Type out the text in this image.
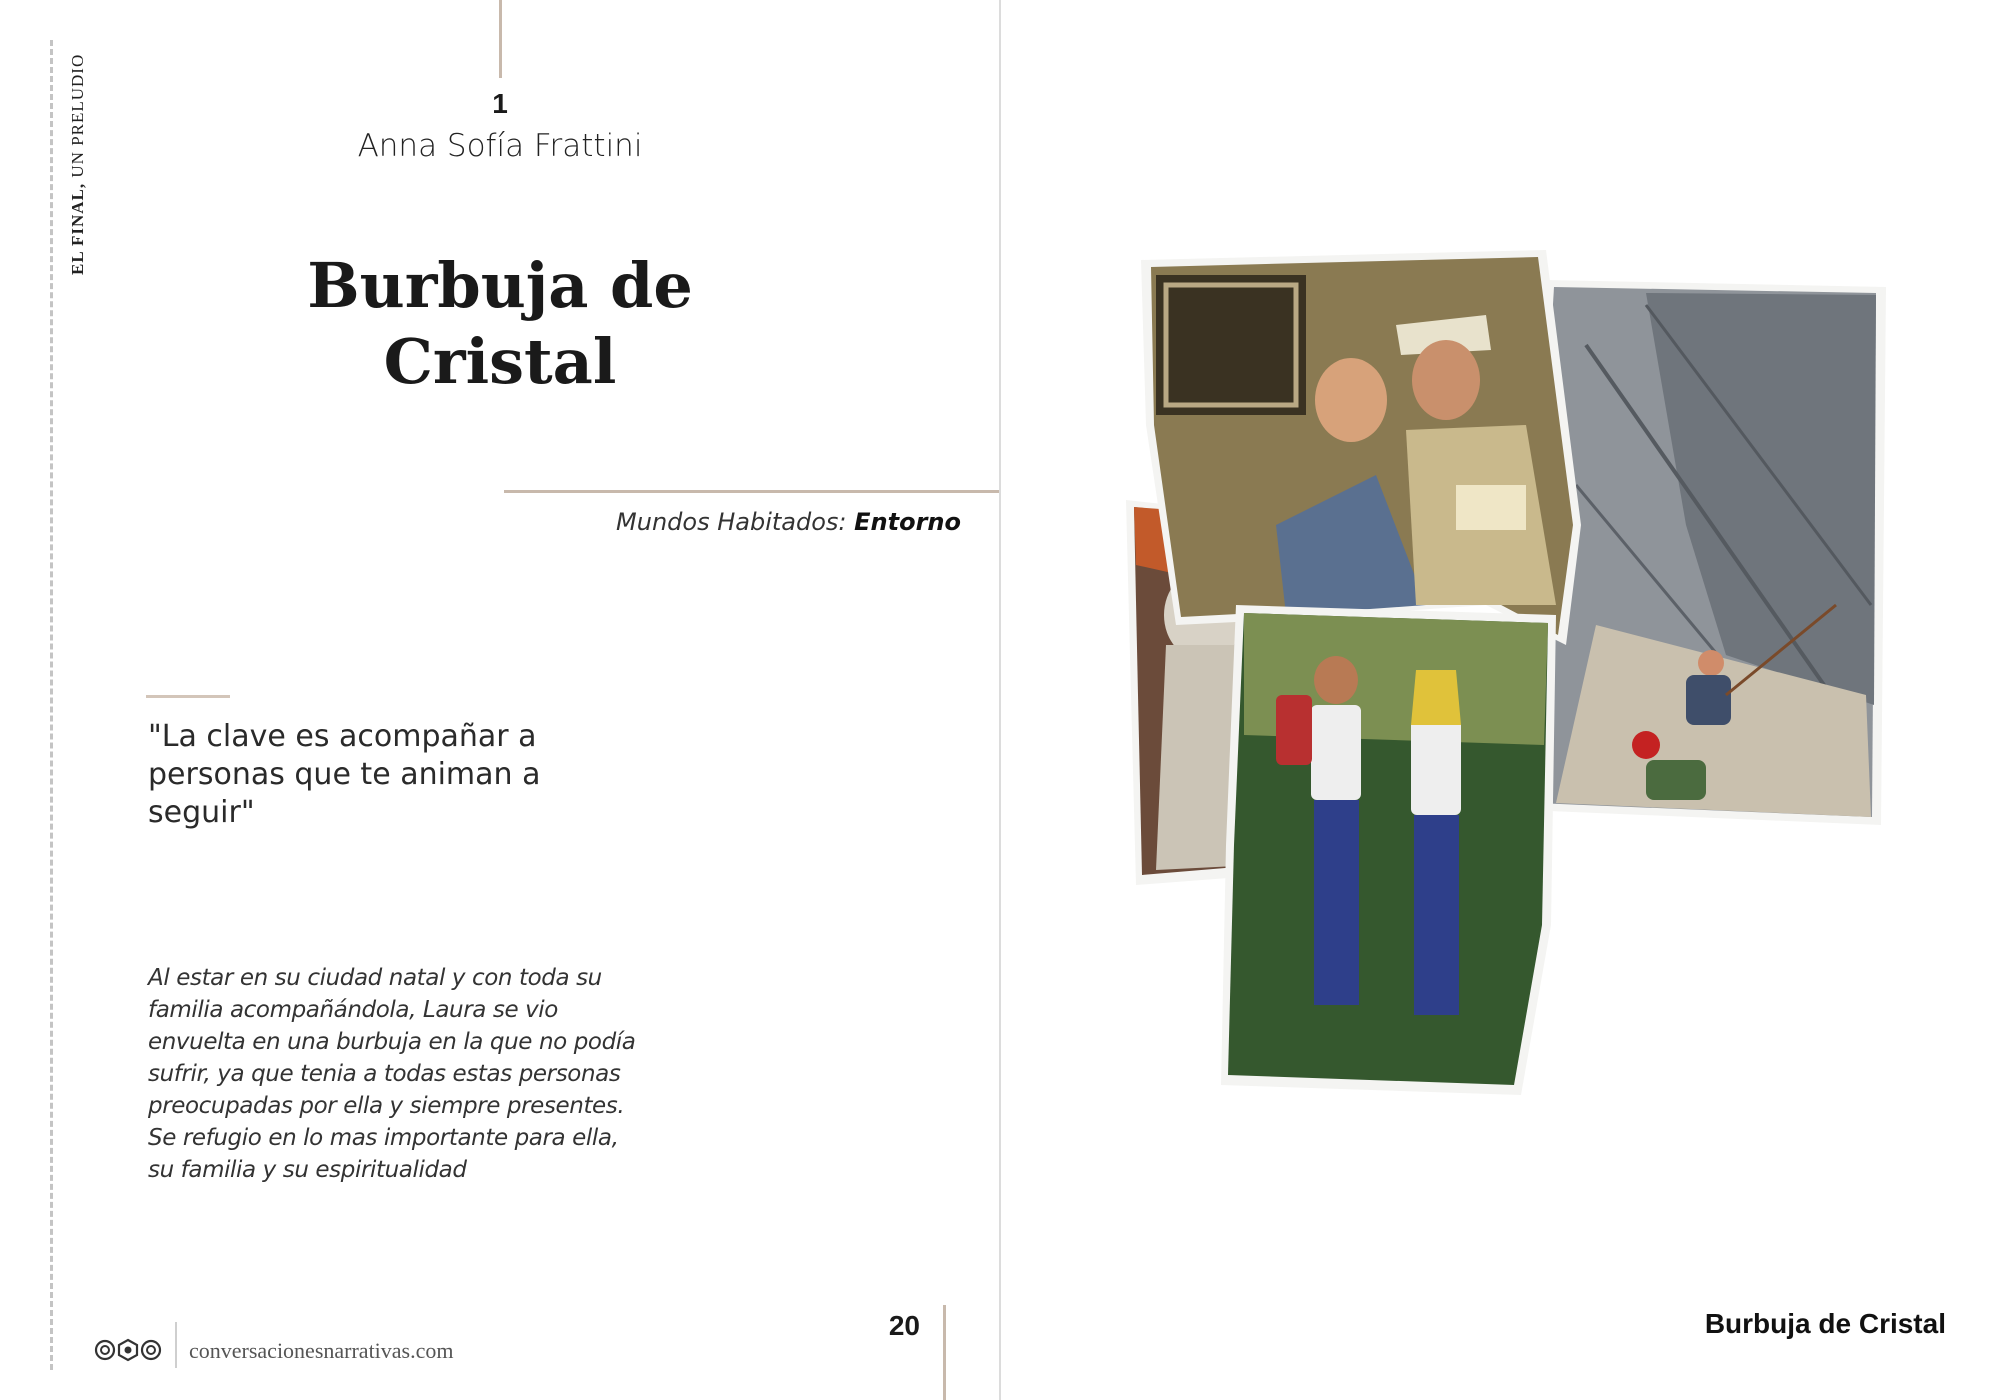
EL FINAL, UN PRELUDIO	1
Anna Sofía Frattini
Burbuja de
Cristal
Mundos Habitados: Entorno
"La clave es acompañar a
personas que te animan a
seguir"
Al estar en su ciudad natal y con toda su
familia acompañándola, Laura se vio
envuelta en una burbuja en la que no podía
sufrir, ya que tenia a todas estas personas
preocupadas por ella y siempre presentes.
Se refugio en lo mas importante para ella,
su familia y su espiritualidad
conversacionesnarrativas.com
20	Burbuja de Cristal
